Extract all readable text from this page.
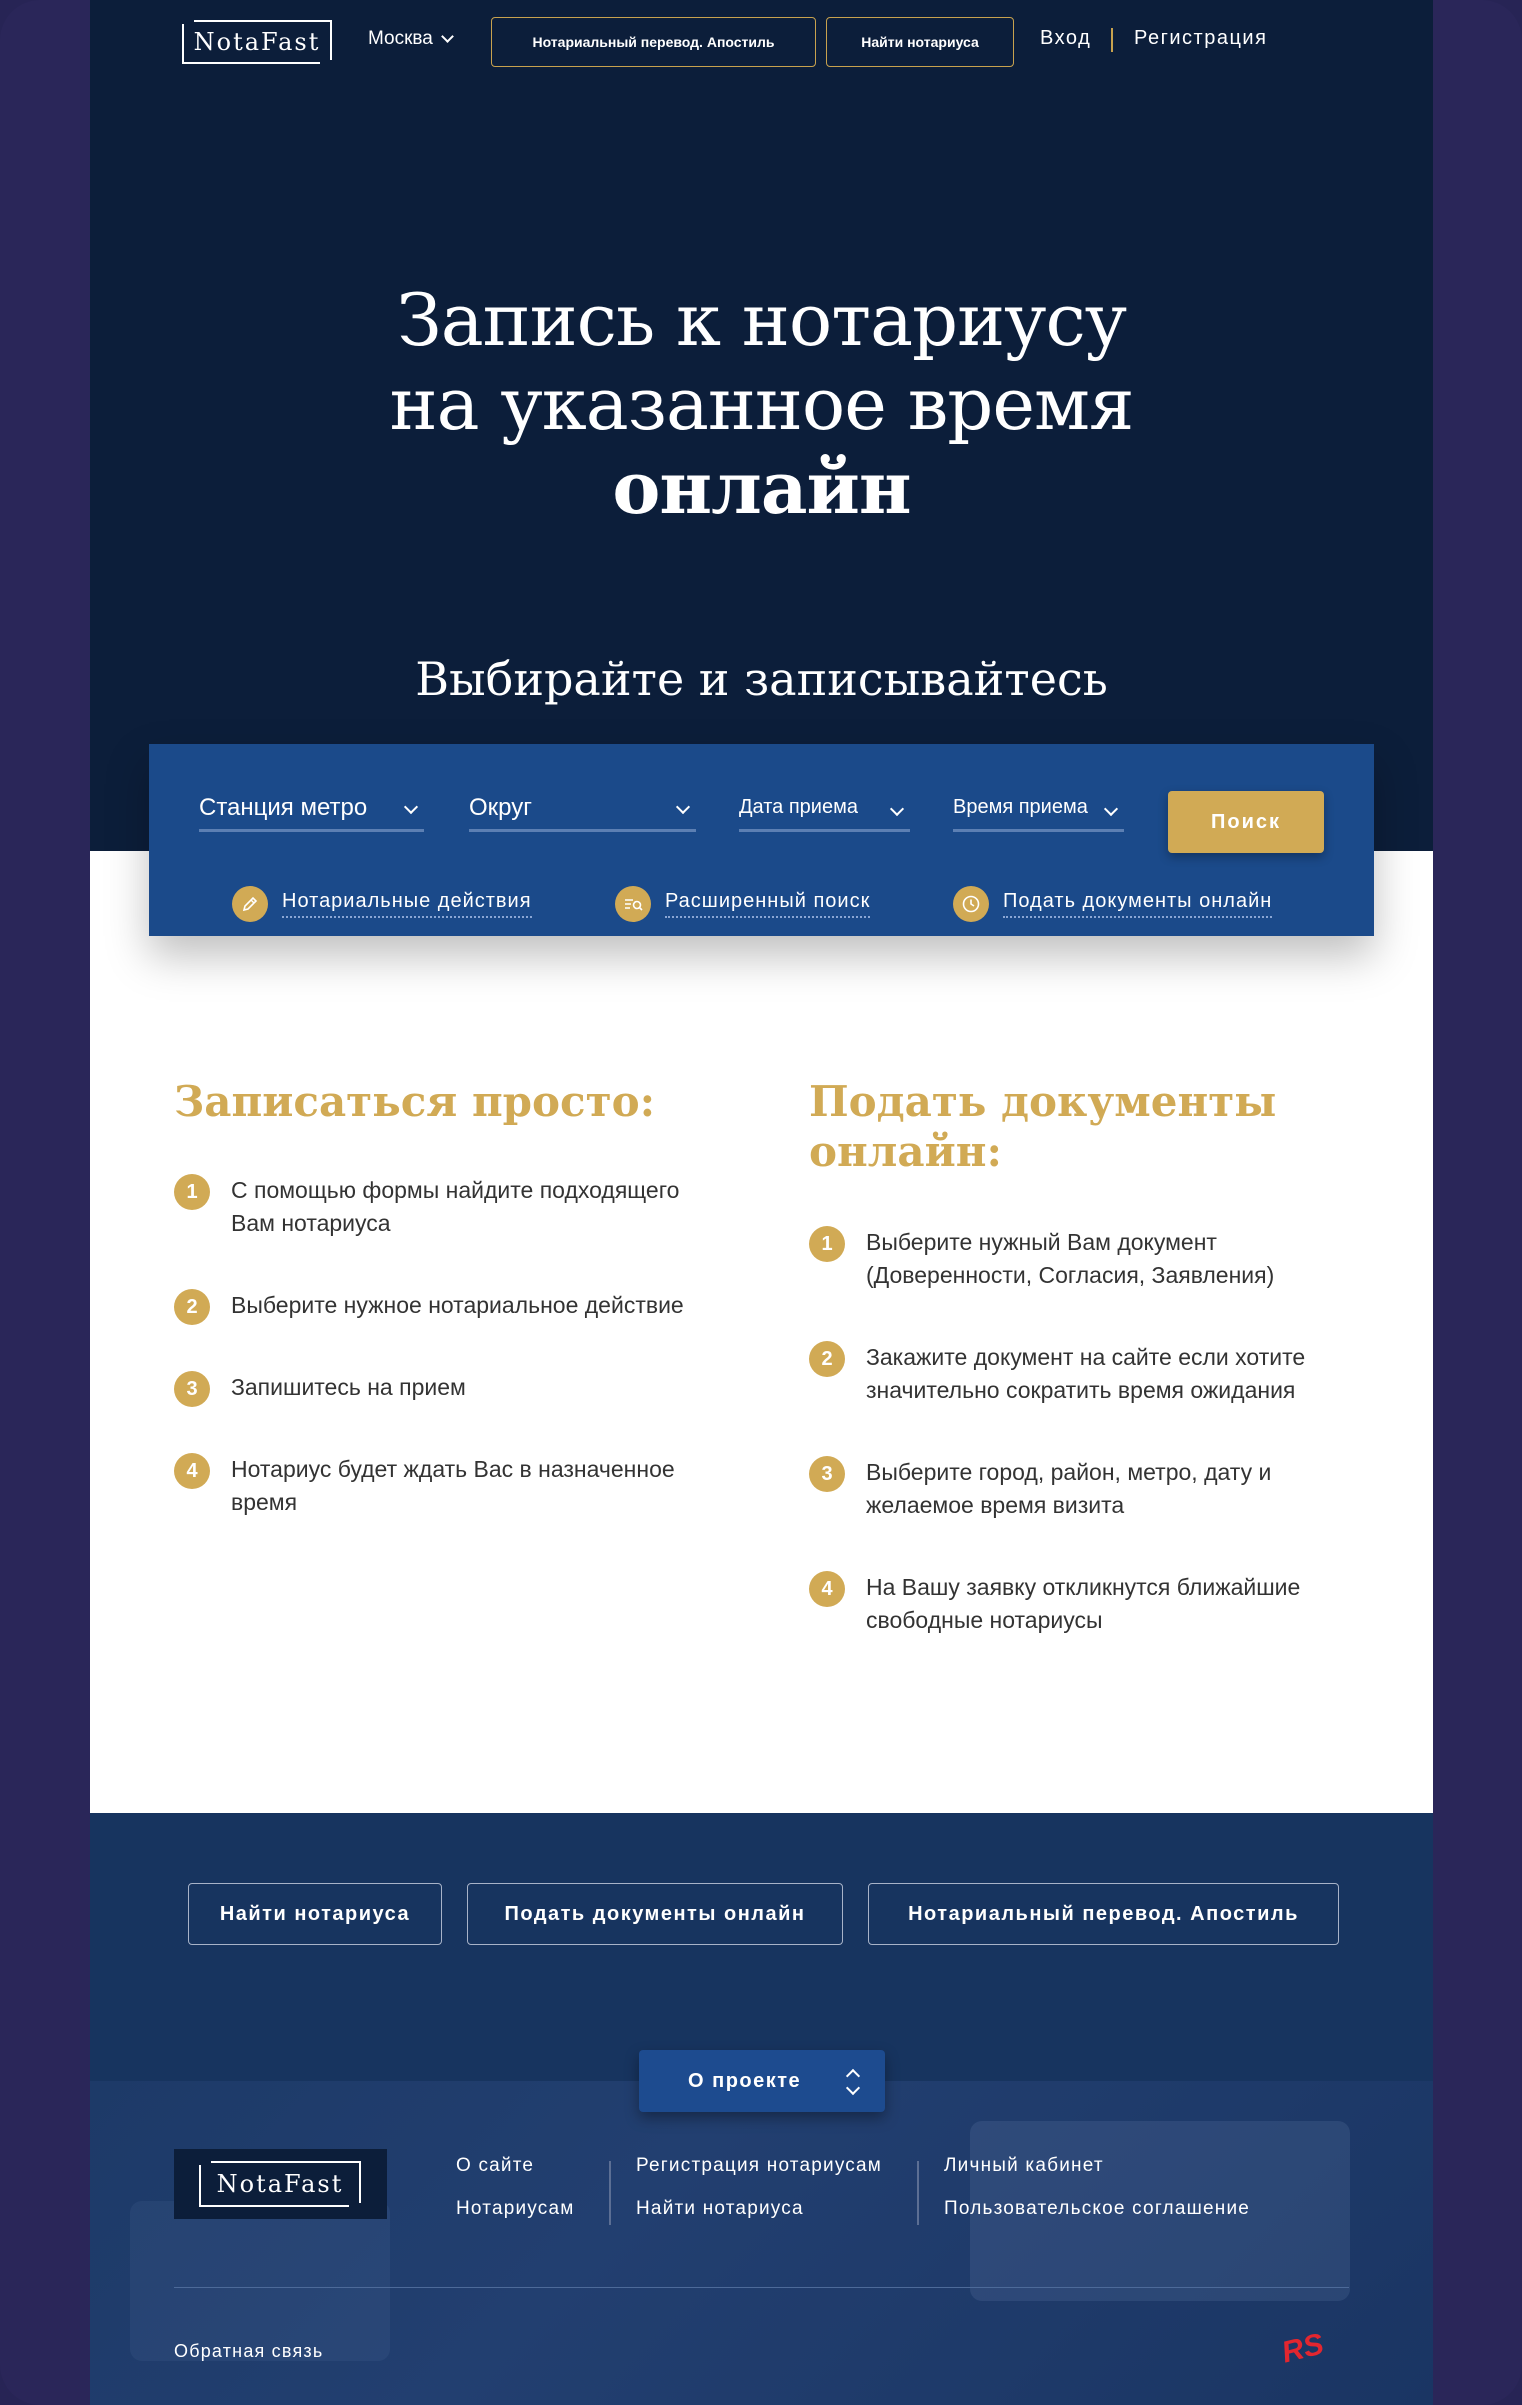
NotaFast	Москва	Нотариальный перевод. Апостиль	Найти нотариуса	Вход Регистрация
Запись к нотариусу
на указанное время
онлайн
Выбирайте и записывайтесь
Станция метро	Округ	Дата приема	Время приема
Поиск
Нотариальные действия	Расширенный поиск	Подать документы онлайн
Записаться просто:
1	С помощью формы найдите подходящего Вам нотариуса
2	Выберите нужное нотариальное действие
3	Запишитесь на прием
4	Нотариус будет ждать Вас в назначенное время
Подать документы онлайн:
1	Выберите нужный Вам документ (Доверенности, Согласия, Заявления)
2	Закажите документ на сайте если хотите значительно сократить время ожидания
3	Выберите город, район, метро, дату и желаемое время визита
4	На Вашу заявку откликнутся ближайшие свободные нотариусы
Найти нотариуса	Подать документы онлайн	Нотариальный перевод. Апостиль
О проекте
NotaFast
О сайте
Нотариусам
Регистрация нотариусам
Найти нотариуса
Личный кабинет
Пользовательское соглашение
Обратная связь	RS
